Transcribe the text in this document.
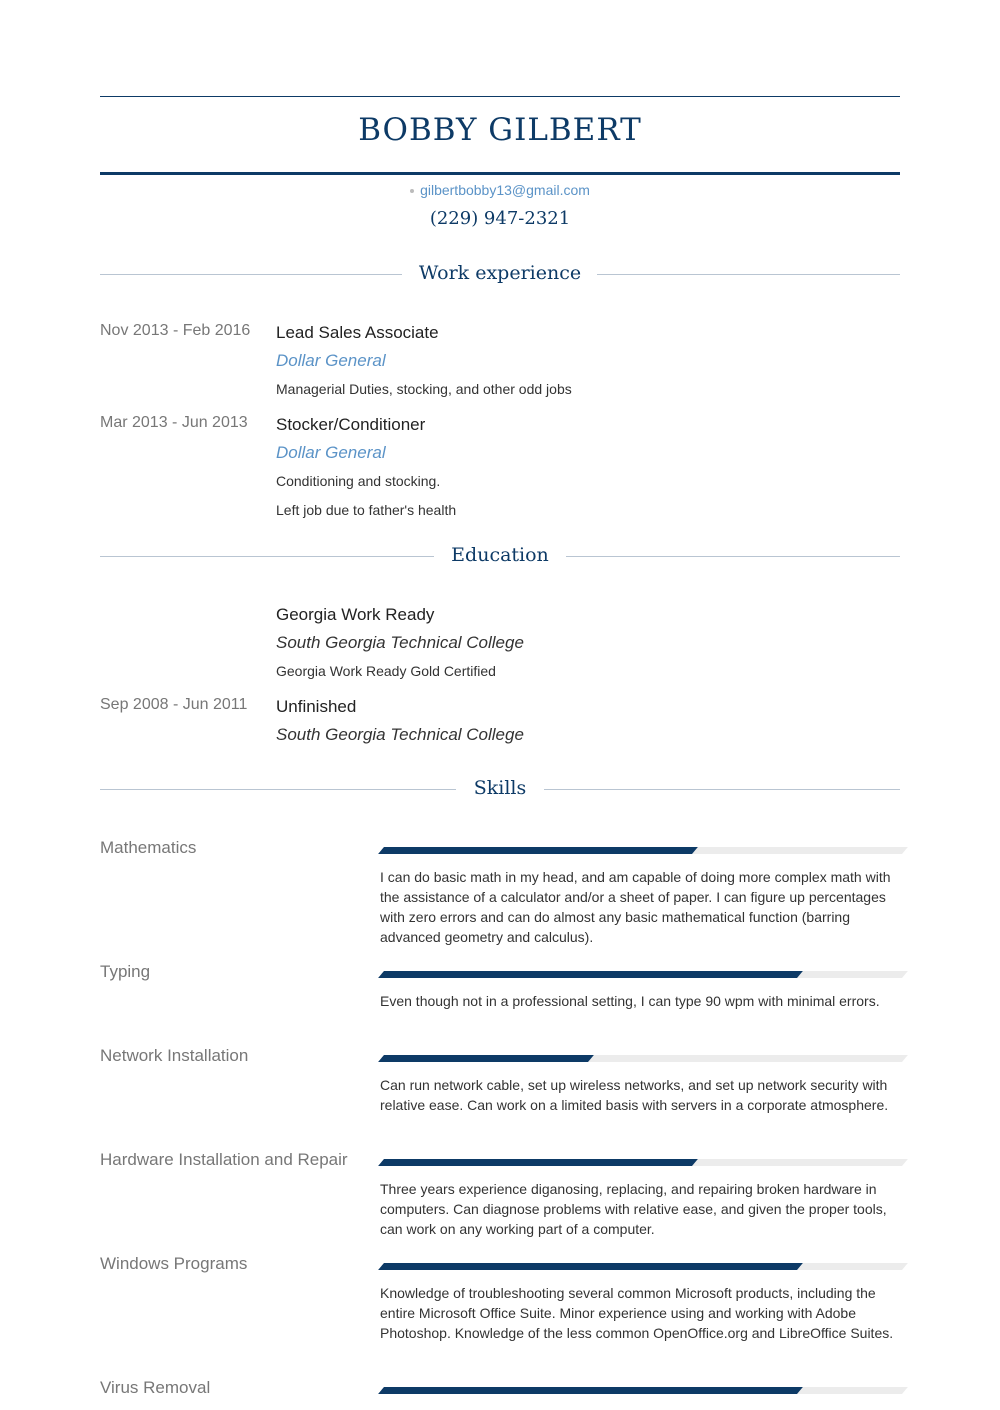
BOBBY GILBERT
gilbertbobby13@gmail.com
(229) 947-2321
Work experience
Nov 2013 - Feb 2016 Lead Sales Associate
Dollar General
Managerial Duties, stocking, and other odd jobs
Mar 2013 - Jun 2013 Stocker/Conditioner
Dollar General
Conditioning and stocking.
Left job due to father's health
Education
Georgia Work Ready
South Georgia Technical College
Georgia Work Ready Gold Certified
Sep 2008 - Jun 2011 Unfinished
South Georgia Technical College
Skills
Mathematics
I can do basic math in my head, and am capable of doing more complex math with the assistance of a calculator and/or a sheet of paper. I can figure up percentages with zero errors and can do almost any basic mathematical function (barring advanced geometry and calculus).
Typing
Even though not in a professional setting, I can type 90 wpm with minimal errors.
Network Installation
Can run network cable, set up wireless networks, and set up network security with relative ease. Can work on a limited basis with servers in a corporate atmosphere.
Hardware Installation and Repair
Three years experience diganosing, replacing, and repairing broken hardware in computers. Can diagnose problems with relative ease, and given the proper tools, can work on any working part of a computer.
Windows Programs
Knowledge of troubleshooting several common Microsoft products, including the entire Microsoft Office Suite. Minor experience using and working with Adobe Photoshop. Knowledge of the less common OpenOffice.org and LibreOffice Suites.
Virus Removal
